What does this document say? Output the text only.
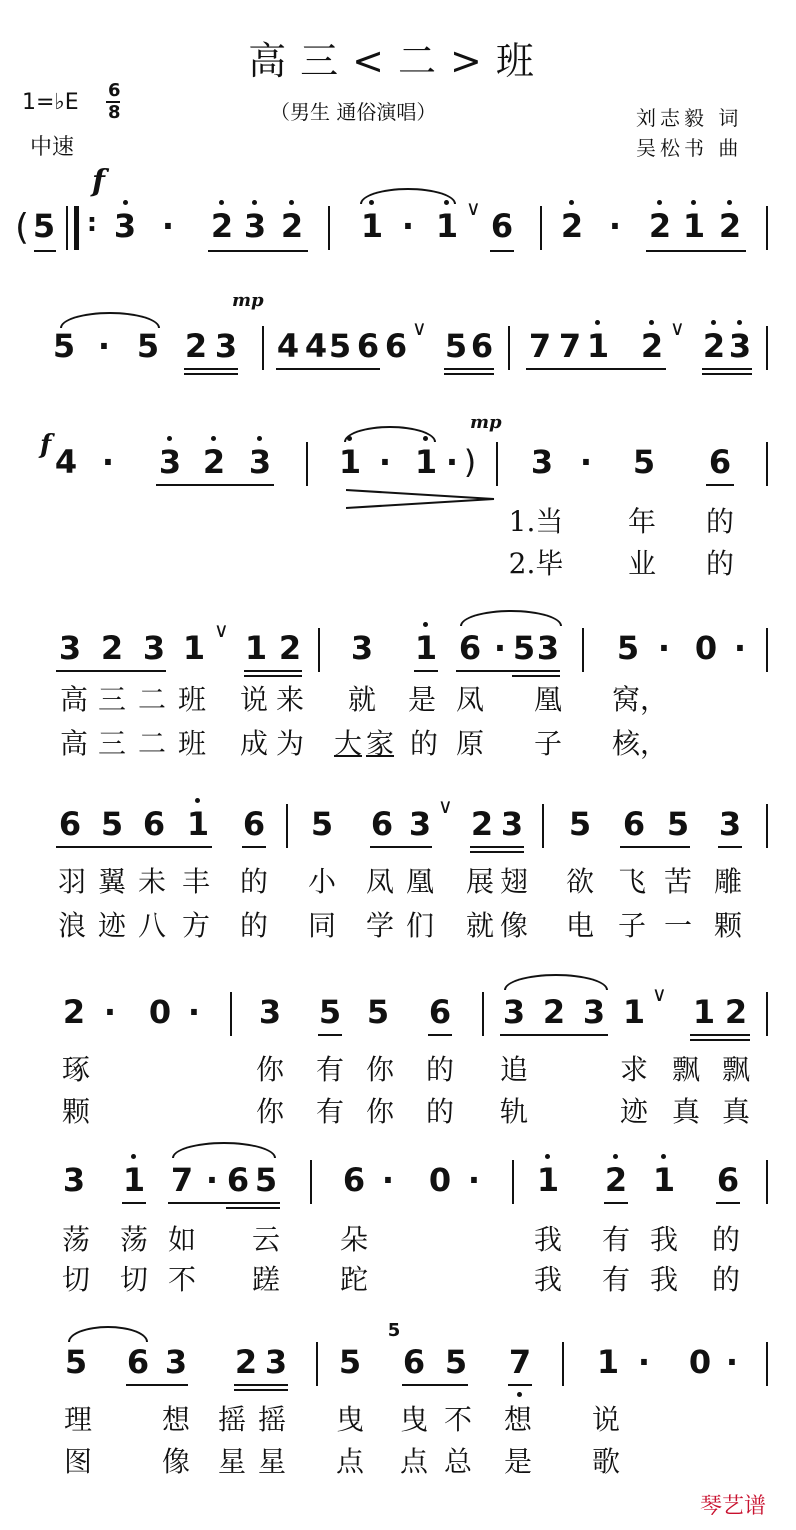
高三<二>班
（男生 通俗演唱）
1=♭E 6
8
中速
刘志毅 词
吴松书 曲
f
( 5 : 3 · 2 3 2 1 · 1 ∨ 6 2 · 2 1 2
mp
5 · 5 2 3 4 4 5 6 6 ∨ 5 6 7 7 1 2 ∨ 2 3
f
mp
4 · 3 2 3 1 · 1 · ) 3 · 5 6
1.当 年 的
2.毕 业 的
3 2 3 1 ∨ 1 2 3 1 6 · 5 3 5 · 0 ·
高 三 二 班 说 来 就 是 凤 凰 窝，
高 三 二 班 成 为 大 家 的 原 子 核，
6 5 6 1 6 5 6 3 ∨ 2 3 5 6 5 3
羽 翼 未 丰 的 小 凤 凰 展 翅 欲 飞 苦 雕
浪 迹 八 方 的 同 学 们 就 像 电 子 一 颗
2 · 0 · 3 5 5 6 3 2 3 1 ∨ 1 2
琢	你 有 你 的 追	求 飘 飘
颗	你 有 你 的 轨	迹 真 真
3 1 7 · 6 5 6 · 0 · 1 2 1 6
荡 荡 如 云 朵	我 有 我 的
切 切 不 蹉 跎	我 有 我 的
5 6 3 2 3 5
5
6 5 7 1 · 0 ·
理 想 摇 摇 曳 曳 不 想 说
图 像 星 星 点 点 总 是 歌
琴艺谱
